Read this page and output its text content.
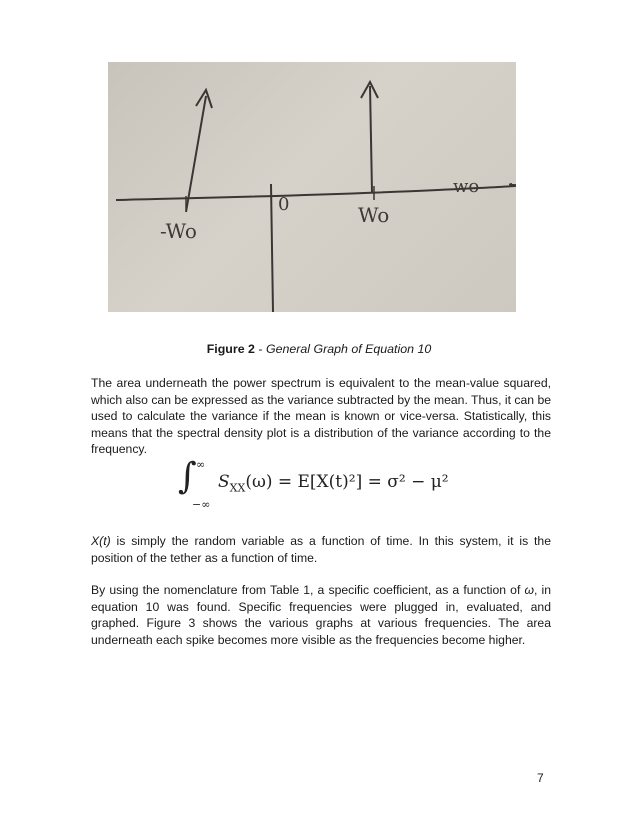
wo
-Wo
0	Wo
Figure 2 - General Graph of Equation 10
The area underneath the power spectrum is equivalent to the mean-value squared, which also can be expressed as the variance subtracted by the mean. Thus, it can be used to calculate the variance if the mean is known or vice-versa. Statistically, this means that the spectral density plot is a distribution of the variance according to the frequency.
∫ ∞
−∞
$S_{XX}(\omega) = E[X(t)^2] = \sigma^2 - \mu^2$
X(t) is simply the random variable as a function of time. In this system, it is the position of the tether as a function of time.
By using the nomenclature from Table 1, a specific coefficient, as a function of ω, in equation 10 was found. Specific frequencies were plugged in, evaluated, and graphed. Figure 3 shows the various graphs at various frequencies. The area underneath each spike becomes more visible as the frequencies become higher.
7
